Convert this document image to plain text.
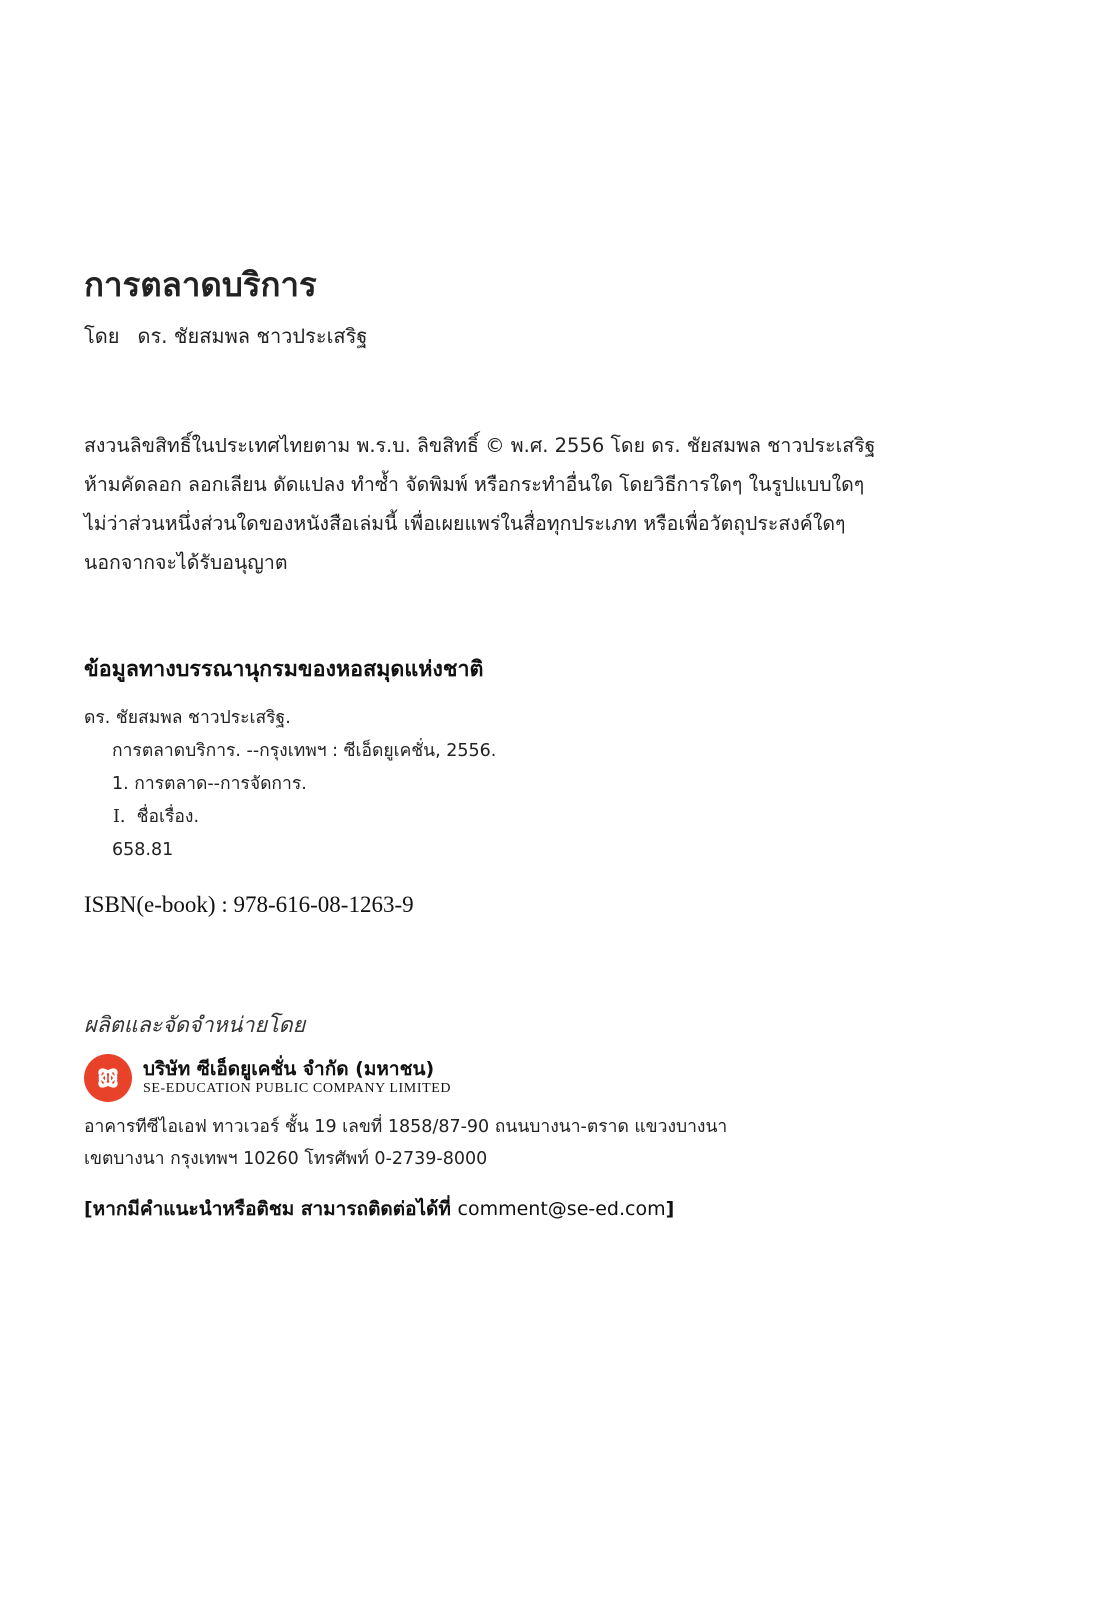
การตลาดบริการ
โดย ดร. ชัยสมพล ชาวประเสริฐ
สงวนลิขสิทธิ์ในประเทศไทยตาม พ.ร.บ. ลิขสิทธิ์ © พ.ศ. 2556 โดย ดร. ชัยสมพล ชาวประเสริฐ
ห้ามคัดลอก ลอกเลียน ดัดแปลง ทำซ้ำ จัดพิมพ์ หรือกระทำอื่นใด โดยวิธีการใดๆ ในรูปแบบใดๆ
ไม่ว่าส่วนหนึ่งส่วนใดของหนังสือเล่มนี้ เพื่อเผยแพร่ในสื่อทุกประเภท หรือเพื่อวัตถุประสงค์ใดๆ
นอกจากจะได้รับอนุญาต
ข้อมูลทางบรรณานุกรมของหอสมุดแห่งชาติ
ดร. ชัยสมพล ชาวประเสริฐ.
การตลาดบริการ. --กรุงเทพฯ : ซีเอ็ดยูเคชั่น, 2556.
1. การตลาด--การจัดการ.
I. ชื่อเรื่อง.
658.81
ISBN(e-book) : 978-616-08-1263-9
ผลิตและจัดจำหน่ายโดย
บริษัท ซีเอ็ดยูเคชั่น จำกัด (มหาชน)
SE-EDUCATION PUBLIC COMPANY LIMITED
อาคารทีซีไอเอฟ ทาวเวอร์ ชั้น 19 เลขที่ 1858/87-90 ถนนบางนา-ตราด แขวงบางนา
เขตบางนา กรุงเทพฯ 10260 โทรศัพท์ 0-2739-8000
[หากมีคำแนะนำหรือติชม สามารถติดต่อได้ที่ comment@se-ed.com]
